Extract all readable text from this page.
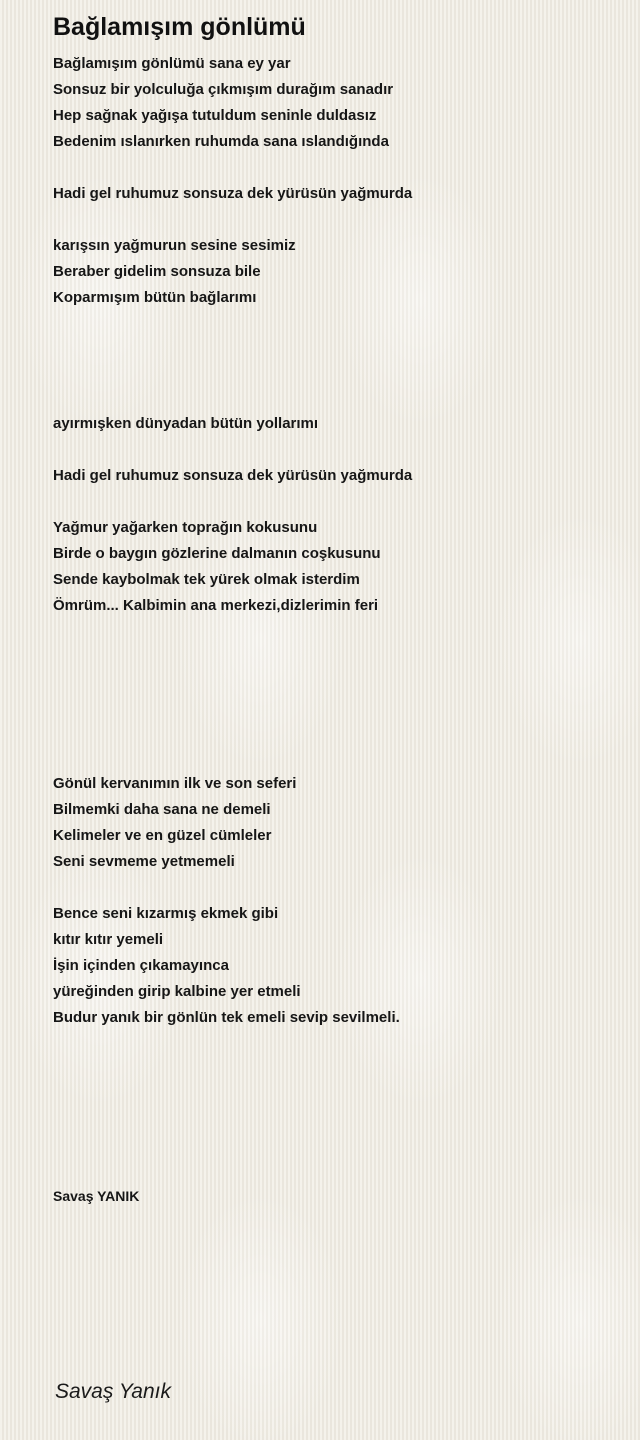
Bağlamışım gönlümü
Bağlamışım gönlümü sana ey yar
Sonsuz bir yolculuğa çıkmışım durağım sanadır
Hep sağnak yağışa tutuldum seninle duldasız
Bedenim ıslanırken ruhumda sana ıslandığında
Hadi gel ruhumuz sonsuza dek yürüsün yağmurda
karışsın yağmurun sesine sesimiz
Beraber gidelim sonsuza bile
Koparmışım bütün bağlarımı
ayırmışken dünyadan bütün yollarımı
Hadi gel ruhumuz sonsuza dek yürüsün yağmurda
Yağmur yağarken toprağın kokusunu
Birde o baygın gözlerine dalmanın coşkusunu
Sende kaybolmak tek yürek olmak isterdim
Ömrüm... Kalbimin ana merkezi,dizlerimin feri
Gönül kervanımın ilk ve son seferi
Bilmemki daha sana ne demeli
Kelimeler ve en güzel cümleler
Seni sevmeme yetmemeli
Bence seni kızarmış ekmek gibi
kıtır kıtır yemeli
İşin içinden çıkamayınca
yüreğinden girip kalbine yer etmeli
Budur yanık bir gönlün tek emeli sevip sevilmeli.
Savaş YANIK
Savaş Yanık
